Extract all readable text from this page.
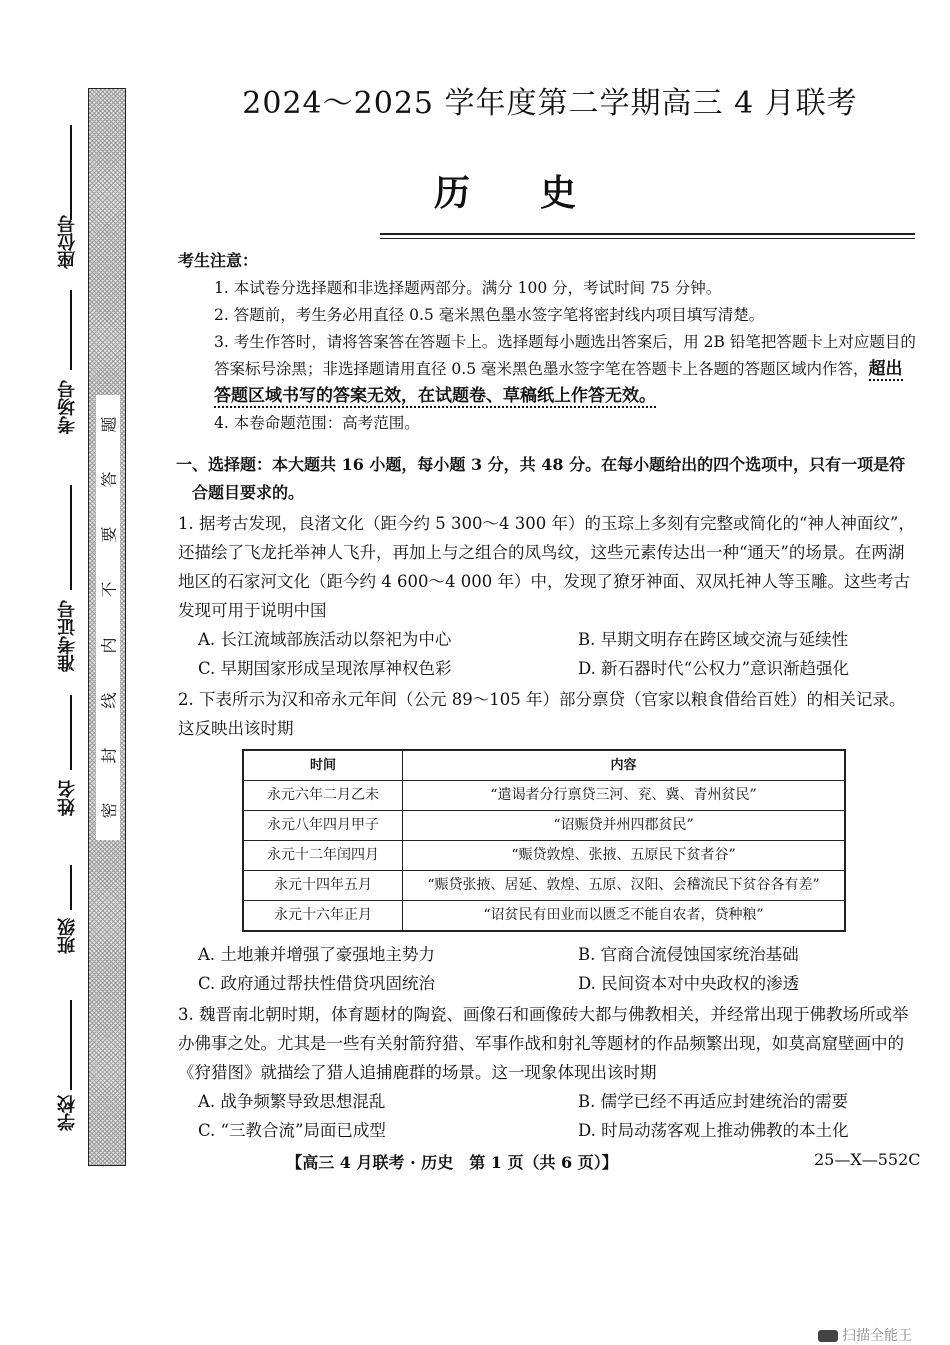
座位号
考场号
准考证号
姓名
班级
学校
题
答
要
不
内
线
封
密
2024～2025 学年度第二学期高三 4 月联考
历史
考生注意：
1. 本试卷分选择题和非选择题两部分。满分 100 分，考试时间 75 分钟。
2. 答题前，考生务必用直径 0.5 毫米黑色墨水签字笔将密封线内项目填写清楚。
3. 考生作答时，请将答案答在答题卡上。选择题每小题选出答案后，用 2B 铅笔把答题卡上对应题目的答案标号涂黑；非选择题请用直径 0.5 毫米黑色墨水签字笔在答题卡上各题的答题区域内作答，超出答题区域书写的答案无效，在试题卷、草稿纸上作答无效。
4. 本卷命题范围：高考范围。
一、选择题：本大题共 16 小题，每小题 3 分，共 48 分。在每小题给出的四个选项中，只有一项是符合题目要求的。
1. 据考古发现，良渚文化（距今约 5 300～4 300 年）的玉琮上多刻有完整或简化的“神人神面纹”，还描绘了飞龙托举神人飞升，再加上与之组合的凤鸟纹，这些元素传达出一种“通天”的场景。在两湖地区的石家河文化（距今约 4 600～4 000 年）中，发现了獠牙神面、双凤托神人等玉雕。这些考古发现可用于说明中国
A. 长江流域部族活动以祭祀为中心	B. 早期文明存在跨区域交流与延续性
C. 早期国家形成呈现浓厚神权色彩	D. 新石器时代“公权力”意识渐趋强化
2. 下表所示为汉和帝永元年间（公元 89～105 年）部分禀贷（官家以粮食借给百姓）的相关记录。这反映出该时期
时间	内容
永元六年二月乙未	“遣谒者分行禀贷三河、兖、冀、青州贫民”
永元八年四月甲子	“诏赈贷并州四郡贫民”
永元十二年闰四月	“赈贷敦煌、张掖、五原民下贫者谷”
永元十四年五月	“赈贷张掖、居延、敦煌、五原、汉阳、会稽流民下贫谷各有差”
永元十六年正月	“诏贫民有田业而以匮乏不能自农者，贷种粮”
A. 土地兼并增强了豪强地主势力	B. 官商合流侵蚀国家统治基础
C. 政府通过帮扶性借贷巩固统治	D. 民间资本对中央政权的渗透
3. 魏晋南北朝时期，体育题材的陶瓷、画像石和画像砖大都与佛教相关，并经常出现于佛教场所或举办佛事之处。尤其是一些有关射箭狩猎、军事作战和射礼等题材的作品频繁出现，如莫高窟壁画中的《狩猎图》就描绘了猎人追捕鹿群的场景。这一现象体现出该时期
A. 战争频繁导致思想混乱	B. 儒学已经不再适应封建统治的需要
C. “三教合流”局面已成型	D. 时局动荡客观上推动佛教的本土化
【高三 4 月联考 · 历史　第 1 页（共 6 页）】	25—X—552C
扫描全能王
